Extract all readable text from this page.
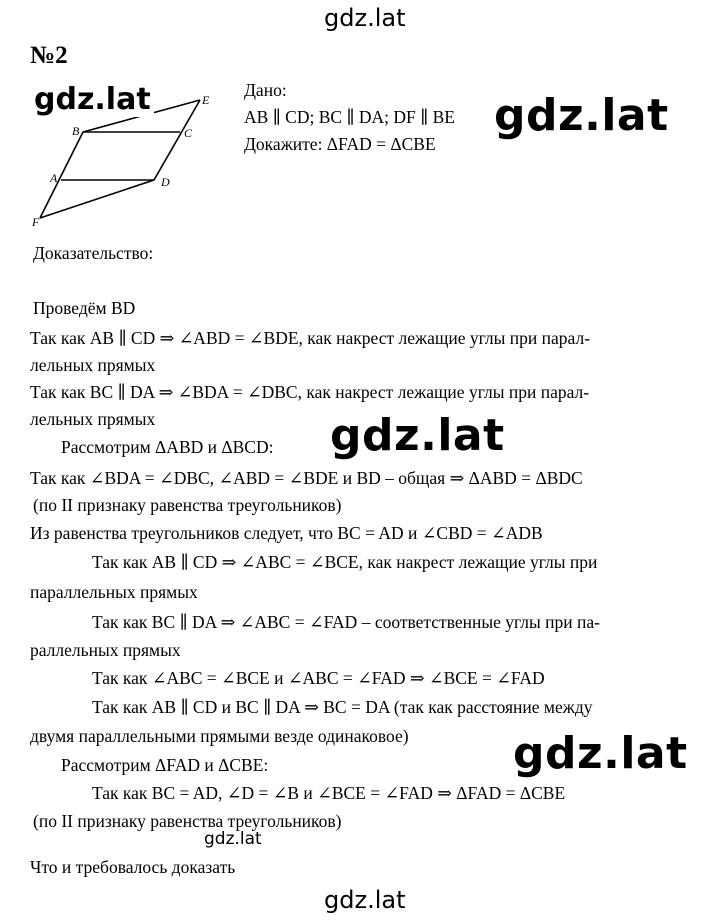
gdz.lat
№2
B	C
A	D
E
F
gdz.lat	Дано:
AB ∥ CD; BC ∥ DA; DF ∥ BE
Докажите: ΔFAD = ΔCBE
gdz.lat
Доказательство:
Проведём BD
Так как AB ∥ CD ⇒ ∠ABD = ∠BDE, как накрест лежащие углы при парал-
лельных прямых
Так как BC ∥ DA ⇒ ∠BDA = ∠DBC, как накрест лежащие углы при парал-
лельных прямых
Рассмотрим ΔABD и ΔBCD:
Так как ∠BDA = ∠DBC, ∠ABD = ∠BDE и BD – общая ⇒ ΔABD = ΔBDC
(по II признаку равенства треугольников)
Из равенства треугольников следует, что BC = AD и ∠CBD = ∠ADB
Так как AB ∥ CD ⇒ ∠ABC = ∠BCE, как накрест лежащие углы при
параллельных прямых
Так как BC ∥ DA ⇒ ∠ABC = ∠FAD – соответственные углы при па-
раллельных прямых
Так как ∠ABC = ∠BCE и ∠ABC = ∠FAD ⇒ ∠BCE = ∠FAD
Так как AB ∥ CD и BC ∥ DA ⇒ BC = DA (так как расстояние между
двумя параллельными прямыми везде одинаковое)
Рассмотрим ΔFAD и ΔCBE:
Так как BC = AD, ∠D = ∠B и ∠BCE = ∠FAD ⇒ ΔFAD = ΔCBE
(по II признаку равенства треугольников)
Что и требовалось доказать
gdz.lat
gdz.lat
gdz.lat
gdz.lat
